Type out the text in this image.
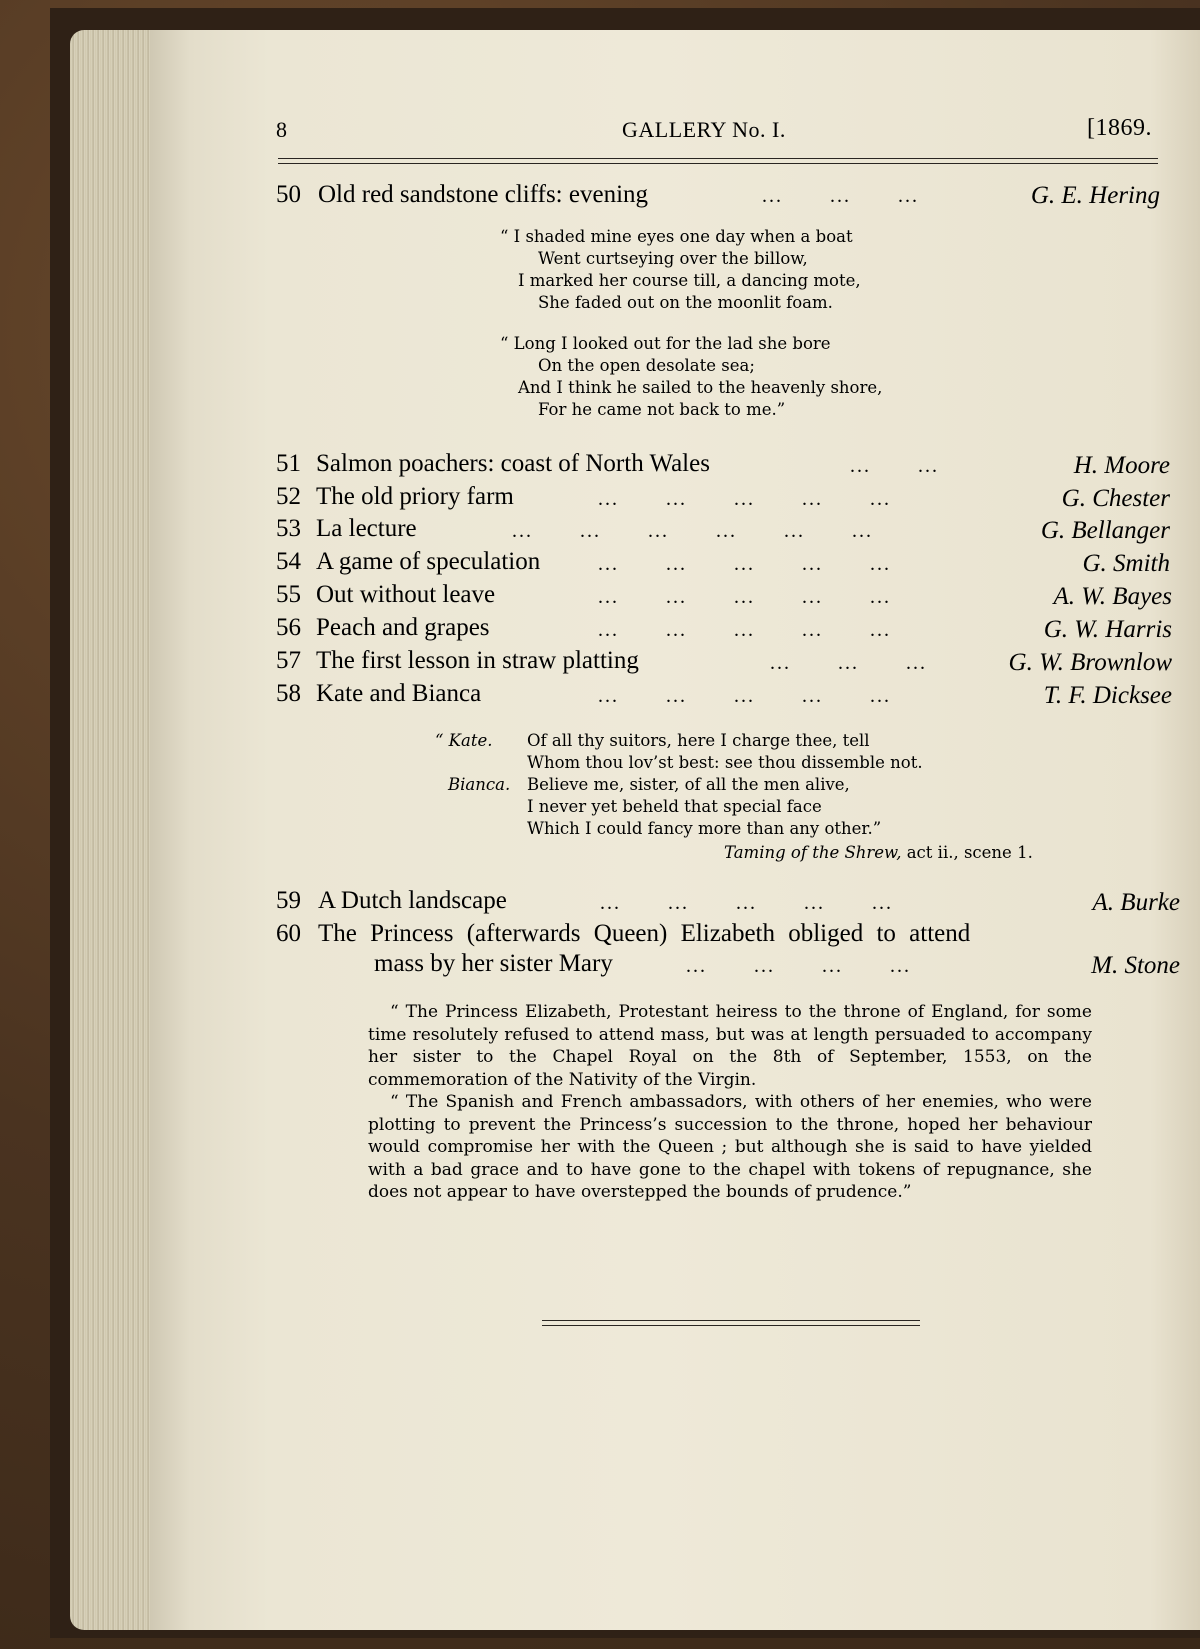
8	GALLERY No. I.	[1869.
50 Old red sandstone cliffs: evening	... ... ...	G. E. Hering
“ I shaded mine eyes one day when a boat
Went curtseying over the billow,
I marked her course till, a dancing mote,
She faded out on the moonlit foam.
“ Long I looked out for the lad she bore
On the open desolate sea;
And I think he sailed to the heavenly shore,
For he came not back to me.”
51 Salmon poachers: coast of North Wales	... ...	H. Moore
52 The old priory farm	... ... ... ... ...	G. Chester
53 La lecture	... ... ... ... ... ...	G. Bellanger
54 A game of speculation	... ... ... ... ...	G. Smith
55 Out without leave	... ... ... ... ...	A. W. Bayes
56 Peach and grapes	... ... ... ... ...	G. W. Harris
57 The first lesson in straw platting	... ... ...	G. W. Brownlow
58 Kate and Bianca	... ... ... ... ...	T. F. Dicksee
“ Kate. Of all thy suitors, here I charge thee, tell
Whom thou lov’st best: see thou dissemble not.
Bianca. Believe me, sister, of all the men alive,
I never yet beheld that special face
Which I could fancy more than any other.”
Taming of the Shrew, act ii., scene 1.
59 A Dutch landscape	... ... ... ... ...	A. Burke
60 The Princess (afterwards Queen) Elizabeth obliged to attend
mass by her sister Mary	... ... ... ...	M. Stone
“ The Princess Elizabeth, Protestant heiress to the throne of England, for some time resolutely refused to attend mass, but was at length persuaded to accompany her sister to the Chapel Royal on the 8th of September, 1553, on the commemoration of the Nativity of the Virgin.
“ The Spanish and French ambassadors, with others of her enemies, who were plotting to prevent the Princess’s succession to the throne, hoped her behaviour would compromise her with the Queen ; but although she is said to have yielded with a bad grace and to have gone to the chapel with tokens of repugnance, she does not appear to have overstepped the bounds of prudence.”
